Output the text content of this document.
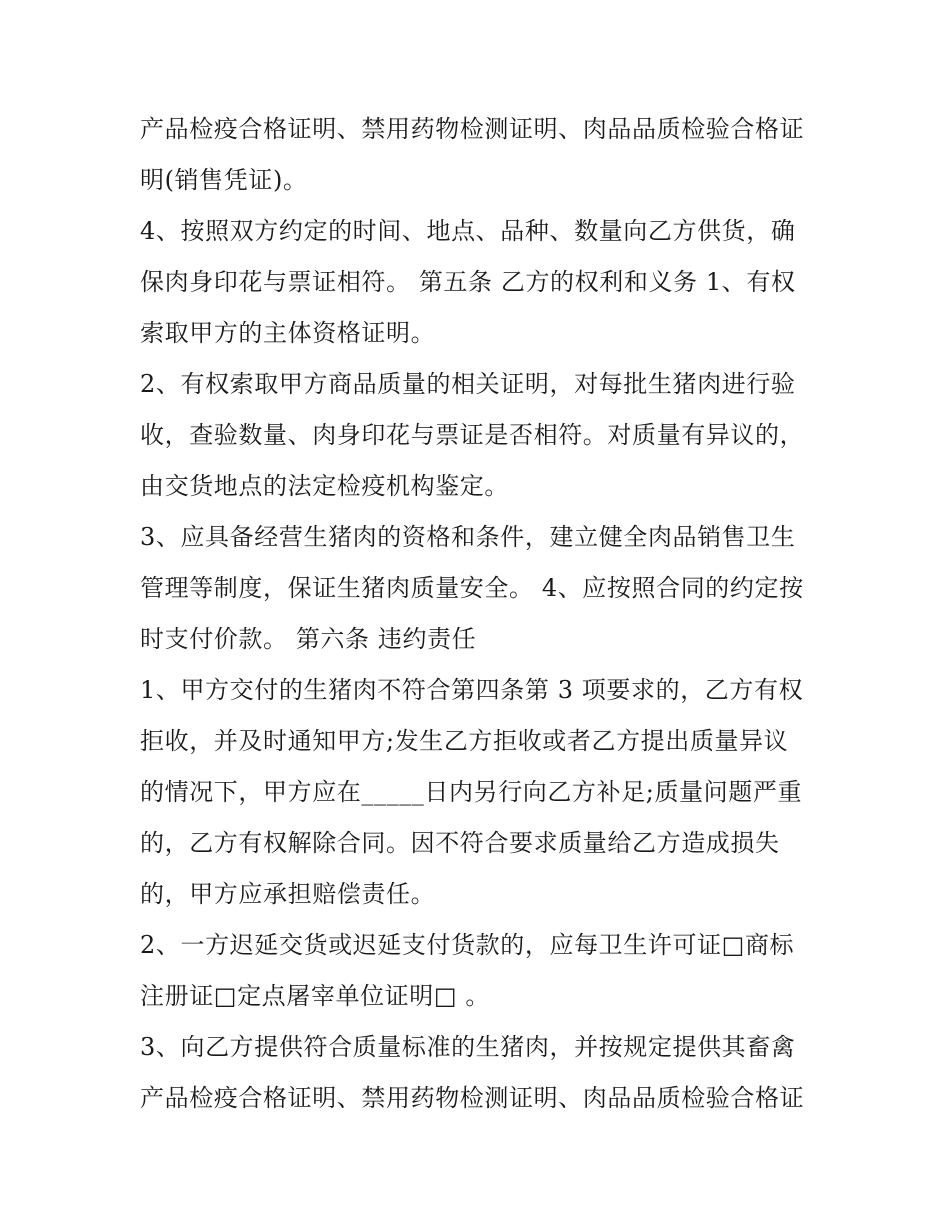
产品检疫合格证明、禁用药物检测证明、肉品品质检验合格证
明(销售凭证)。
4、按照双方约定的时间、地点、品种、数量向乙方供货，确
保肉身印花与票证相符。 第五条 乙方的权利和义务 1、有权
索取甲方的主体资格证明。
2、有权索取甲方商品质量的相关证明，对每批生猪肉进行验
收，查验数量、肉身印花与票证是否相符。对质量有异议的，
由交货地点的法定检疫机构鉴定。
3、应具备经营生猪肉的资格和条件，建立健全肉品销售卫生
管理等制度，保证生猪肉质量安全。 4、应按照合同的约定按
时支付价款。 第六条 违约责任
1、甲方交付的生猪肉不符合第四条第 3 项要求的，乙方有权
拒收，并及时通知甲方;发生乙方拒收或者乙方提出质量异议
的情况下，甲方应在_____日内另行向乙方补足;质量问题严重
的，乙方有权解除合同。因不符合要求质量给乙方造成损失
的，甲方应承担赔偿责任。
2、一方迟延交货或迟延支付货款的，应每卫生许可证□商标
注册证□定点屠宰单位证明□ 。
3、向乙方提供符合质量标准的生猪肉，并按规定提供其畜禽
产品检疫合格证明、禁用药物检测证明、肉品品质检验合格证
